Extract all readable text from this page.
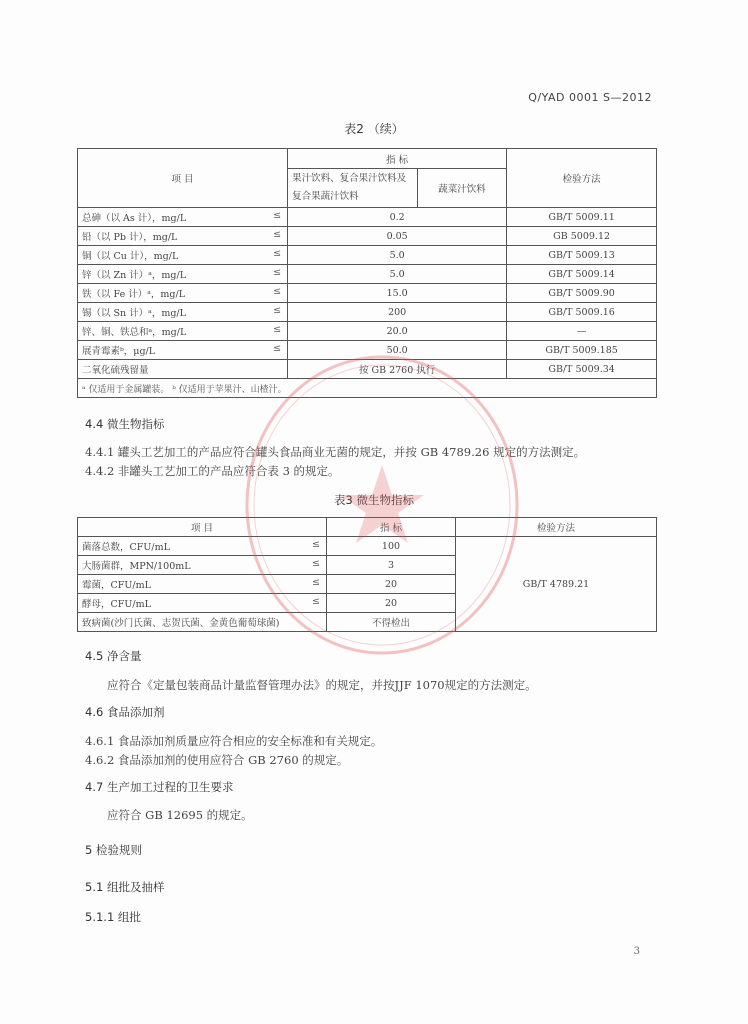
Q/YAD 0001 S—2012
表2 （续）
项 目	指 标		检验方法
	果汁饮料、复合果汁饮料及复合果蔬汁饮料	蔬菜汁饮料	
总砷（以 As 计），mg/L ≤	0.2		GB/T 5009.11
铅（以 Pb 计），mg/L ≤	0.05		GB 5009.12
铜（以 Cu 计），mg/L ≤	5.0		GB/T 5009.13
锌（以 Zn 计）ᵃ，mg/L ≤	5.0		GB/T 5009.14
铁（以 Fe 计）ᵃ，mg/L ≤	15.0		GB/T 5009.90
锡（以 Sn 计）ᵃ，mg/L ≤	200		GB/T 5009.16
锌、铜、铁总和ᵃ，mg/L ≤	20.0		—
展青霉素ᵇ，μg/L ≤	50.0		GB/T 5009.185
二氧化硫残留量	按 GB 2760 执行		GB/T 5009.34
ᵃ 仅适用于金属罐装。 ᵇ 仅适用于苹果汁、山楂汁。			
4.4 微生物指标
4.4.1 罐头工艺加工的产品应符合罐头食品商业无菌的规定，并按 GB 4789.26 规定的方法测定。
4.4.2 非罐头工艺加工的产品应符合表 3 的规定。
表3 微生物指标
项 目	指 标	检验方法
菌落总数，CFU/mL ≤	100	GB/T 4789.21
大肠菌群，MPN/100mL ≤	3	
霉菌，CFU/mL ≤	20	
酵母，CFU/mL ≤	20	
致病菌(沙门氏菌、志贺氏菌、金黄色葡萄球菌)	不得检出	
4.5 净含量
应符合《定量包装商品计量监督管理办法》的规定，并按JJF 1070规定的方法测定。
4.6 食品添加剂
4.6.1 食品添加剂质量应符合相应的安全标准和有关规定。
4.6.2 食品添加剂的使用应符合 GB 2760 的规定。
4.7 生产加工过程的卫生要求
应符合 GB 12695 的规定。
5 检验规则
5.1 组批及抽样
5.1.1 组批
3
